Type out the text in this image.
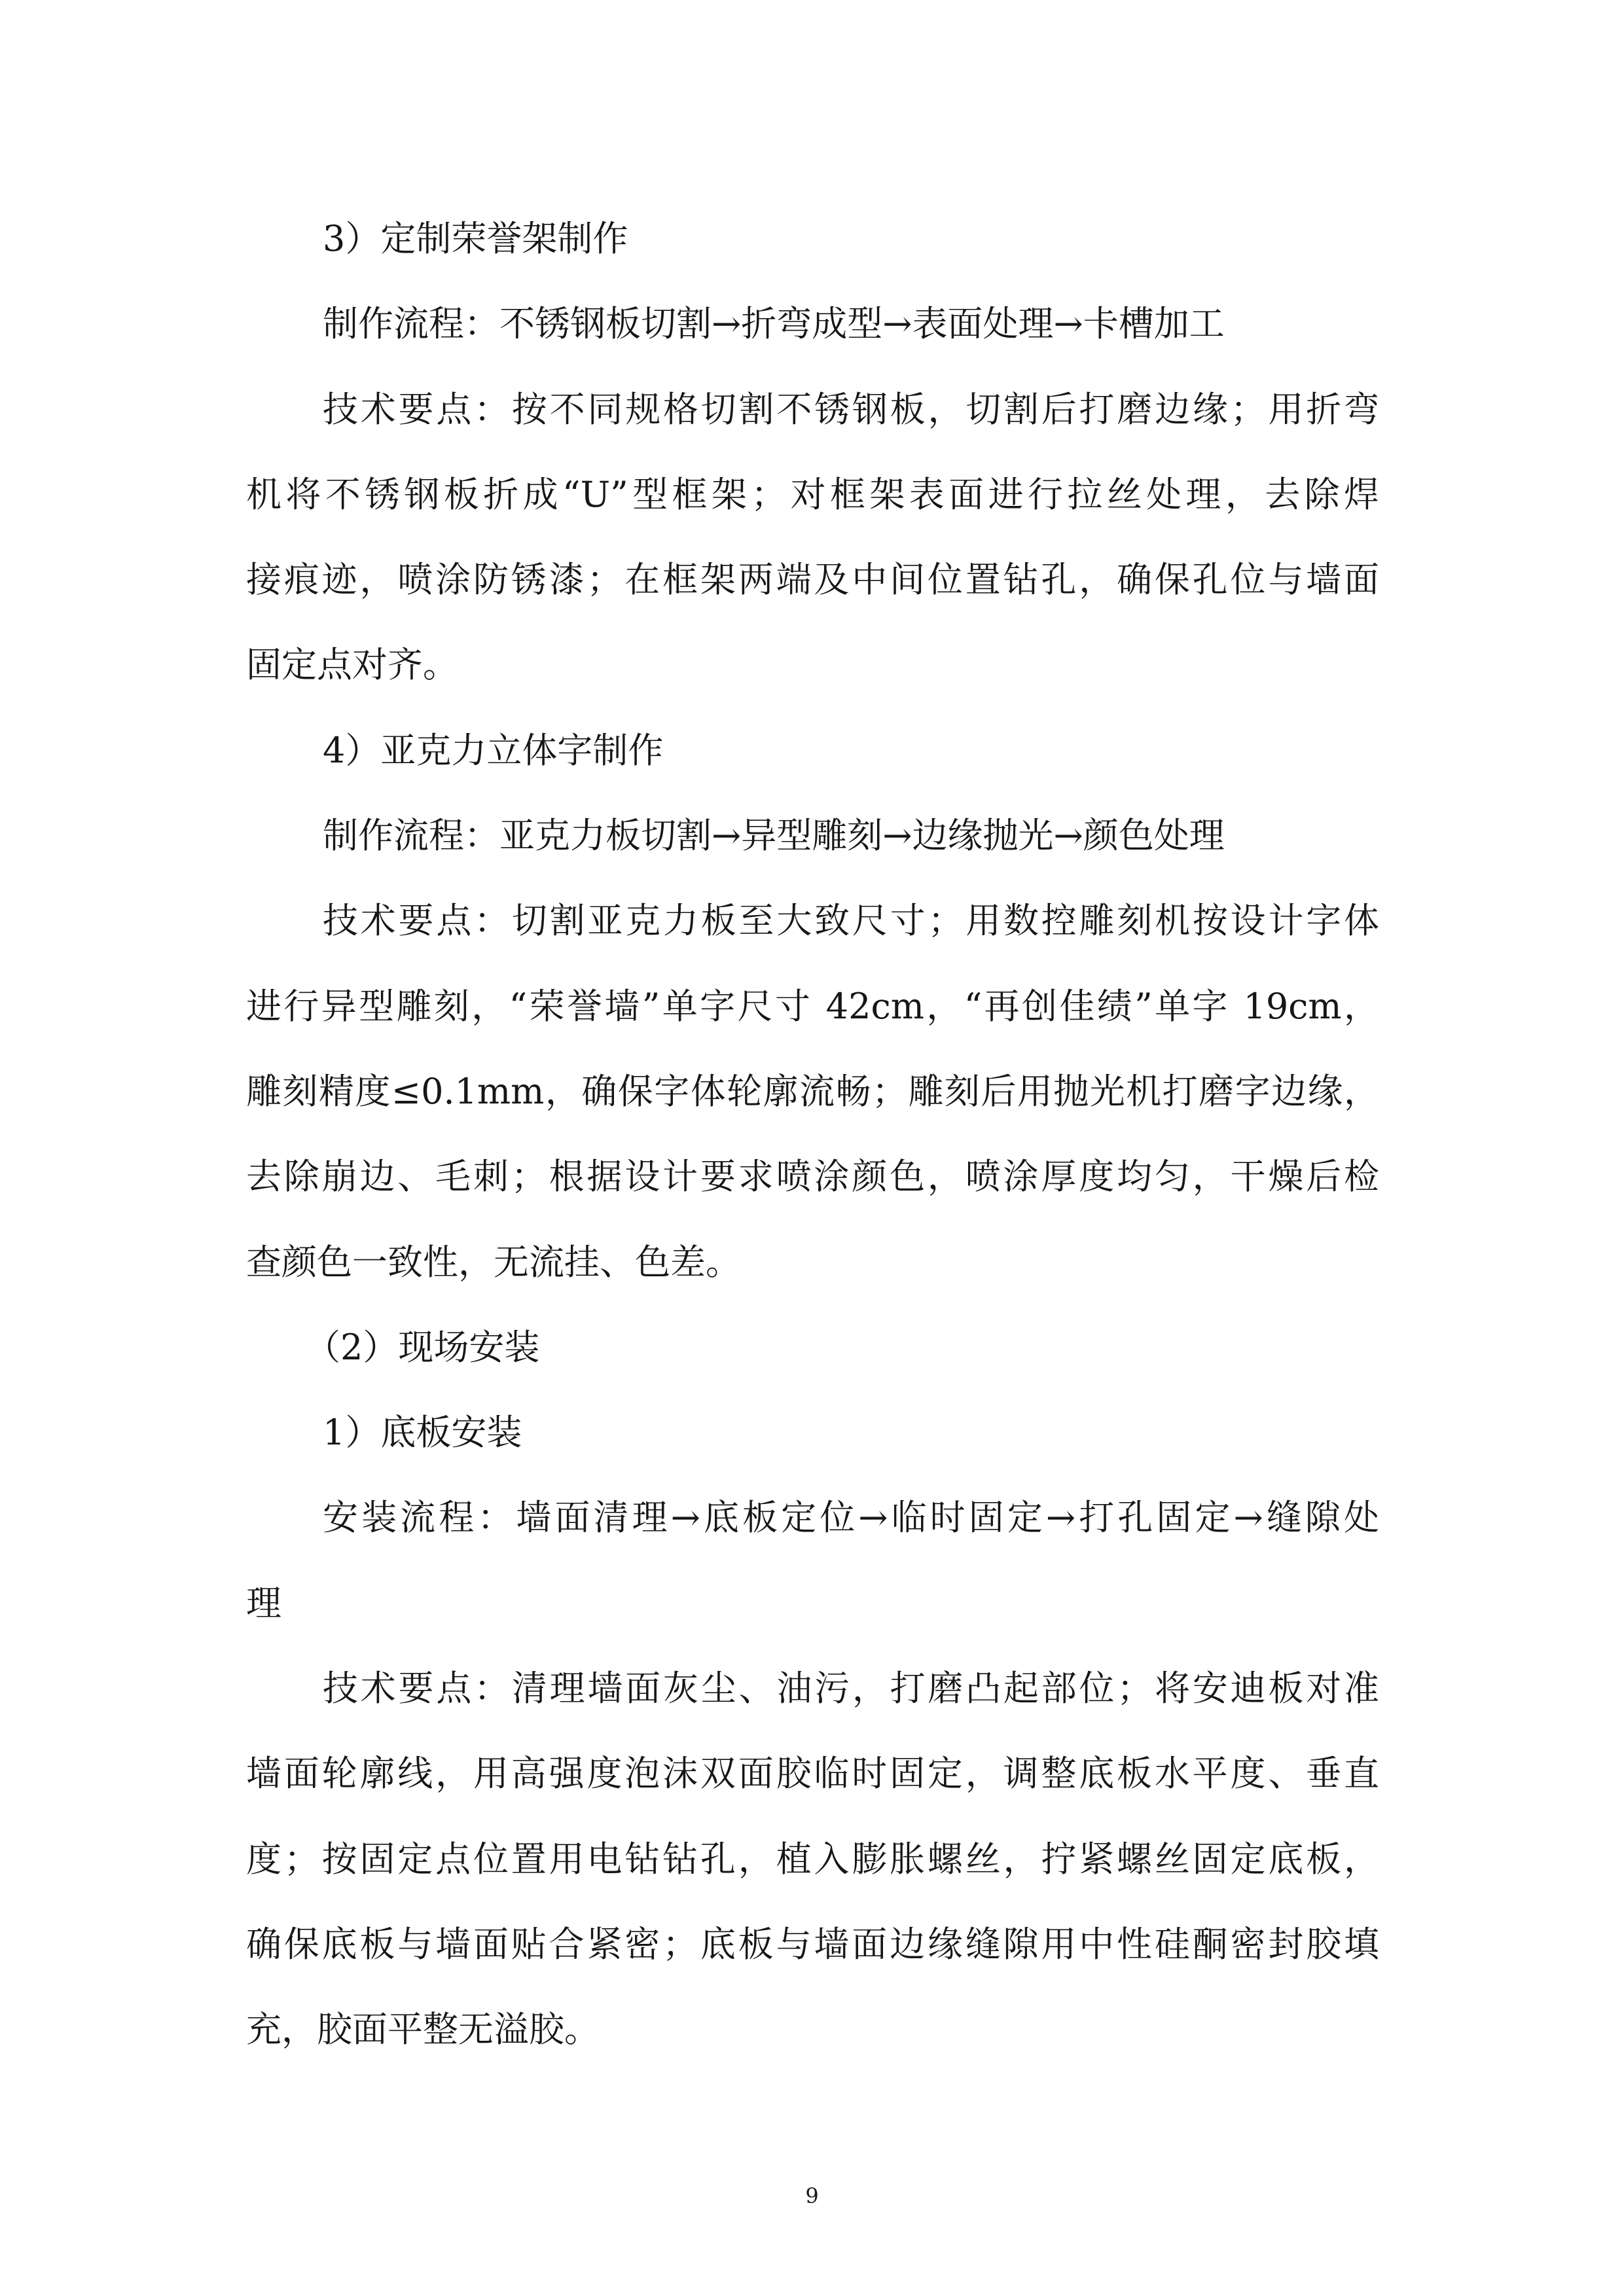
3）定制荣誉架制作
制作流程：不锈钢板切割→折弯成型→表面处理→卡槽加工
技术要点：按不同规格切割不锈钢板，切割后打磨边缘；用折弯
机将不锈钢板折成“U”型框架；对框架表面进行拉丝处理，去除焊
接痕迹，喷涂防锈漆；在框架两端及中间位置钻孔，确保孔位与墙面
固定点对齐。
4）亚克力立体字制作
制作流程：亚克力板切割→异型雕刻→边缘抛光→颜色处理
技术要点：切割亚克力板至大致尺寸；用数控雕刻机按设计字体
进行异型雕刻，“荣誉墙”单字尺寸 42cm，“再创佳绩”单字 19cm，
雕刻精度≤0.1mm，确保字体轮廓流畅；雕刻后用抛光机打磨字边缘，
去除崩边、毛刺；根据设计要求喷涂颜色，喷涂厚度均匀，干燥后检
查颜色一致性，无流挂、色差。
（2）现场安装
1）底板安装
安装流程：墙面清理→底板定位→临时固定→打孔固定→缝隙处
理
技术要点：清理墙面灰尘、油污，打磨凸起部位；将安迪板对准
墙面轮廓线，用高强度泡沫双面胶临时固定，调整底板水平度、垂直
度；按固定点位置用电钻钻孔，植入膨胀螺丝，拧紧螺丝固定底板，
确保底板与墙面贴合紧密；底板与墙面边缘缝隙用中性硅酮密封胶填
充，胶面平整无溢胶。
9
